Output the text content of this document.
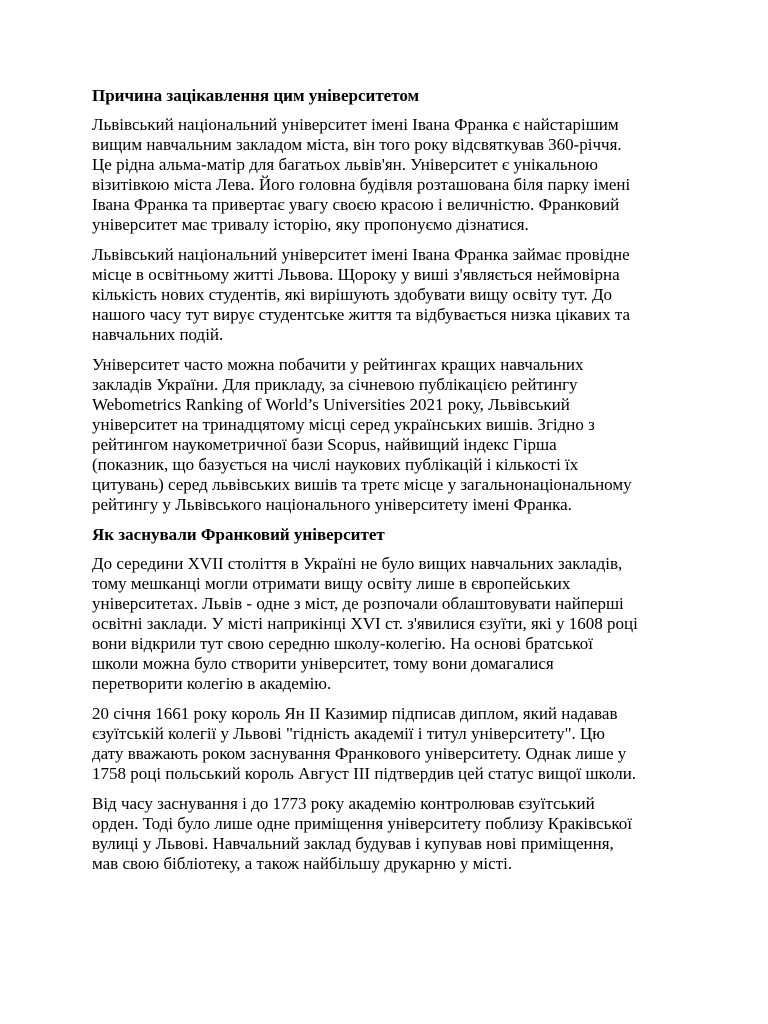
Причина зацікавлення цим університетом
Львівський національний університет імені Івана Франка є найстарішим
вищим навчальним закладом міста, він того року відсвяткував 360-річчя.
Це рідна альма-матір для багатьох львів'ян. Університет є унікальною
візитівкою міста Лева. Його головна будівля розташована біля парку імені
Івана Франка та привертає увагу своєю красою і величністю. Франковий
університет має тривалу історію, яку пропонуємо дізнатися.
Львівський національний університет імені Івана Франка займає провідне
місце в освітньому житті Львова. Щороку у виші з'являється неймовірна
кількість нових студентів, які вирішують здобувати вищу освіту тут. До
нашого часу тут вирує студентське життя та відбувається низка цікавих та
навчальних подій.
Університет часто можна побачити у рейтингах кращих навчальних
закладів України. Для прикладу, за січневою публікацією рейтингу
Webometrics Ranking of World’s Universities 2021 року, Львівський
університет на тринадцятому місці серед українських вишів. Згідно з
рейтингом наукометричної бази Scopus, найвищий індекс Гірша
(показник, що базується на числі наукових публікацій і кількості їх
цитувань) серед львівських вишів та третє місце у загальнонаціональному
рейтингу у Львівського національного університету імені Франка.
Як заснували Франковий університет
До середини XVII століття в Україні не було вищих навчальних закладів,
тому мешканці могли отримати вищу освіту лише в європейських
університетах. Львів - одне з міст, де розпочали облаштовувати найперші
освітні заклади. У місті наприкінці XVI ст. з'явилися єзуїти, які у 1608 році
вони відкрили тут свою середню школу-колегію. На основі братської
школи можна було створити університет, тому вони домагалися
перетворити колегію в академію.
20 січня 1661 року король Ян II Казимир підписав диплом, який надавав
єзуїтській колегії у Львові "гідність академії і титул університету". Цю
дату вважають роком заснування Франкового університету. Однак лише у
1758 році польський король Август III підтвердив цей статус вищої школи.
Від часу заснування і до 1773 року академію контролював єзуїтський
орден. Тоді було лише одне приміщення університету поблизу Краківської
вулиці у Львові. Навчальний заклад будував і купував нові приміщення,
мав свою бібліотеку, а також найбільшу друкарню у місті.
